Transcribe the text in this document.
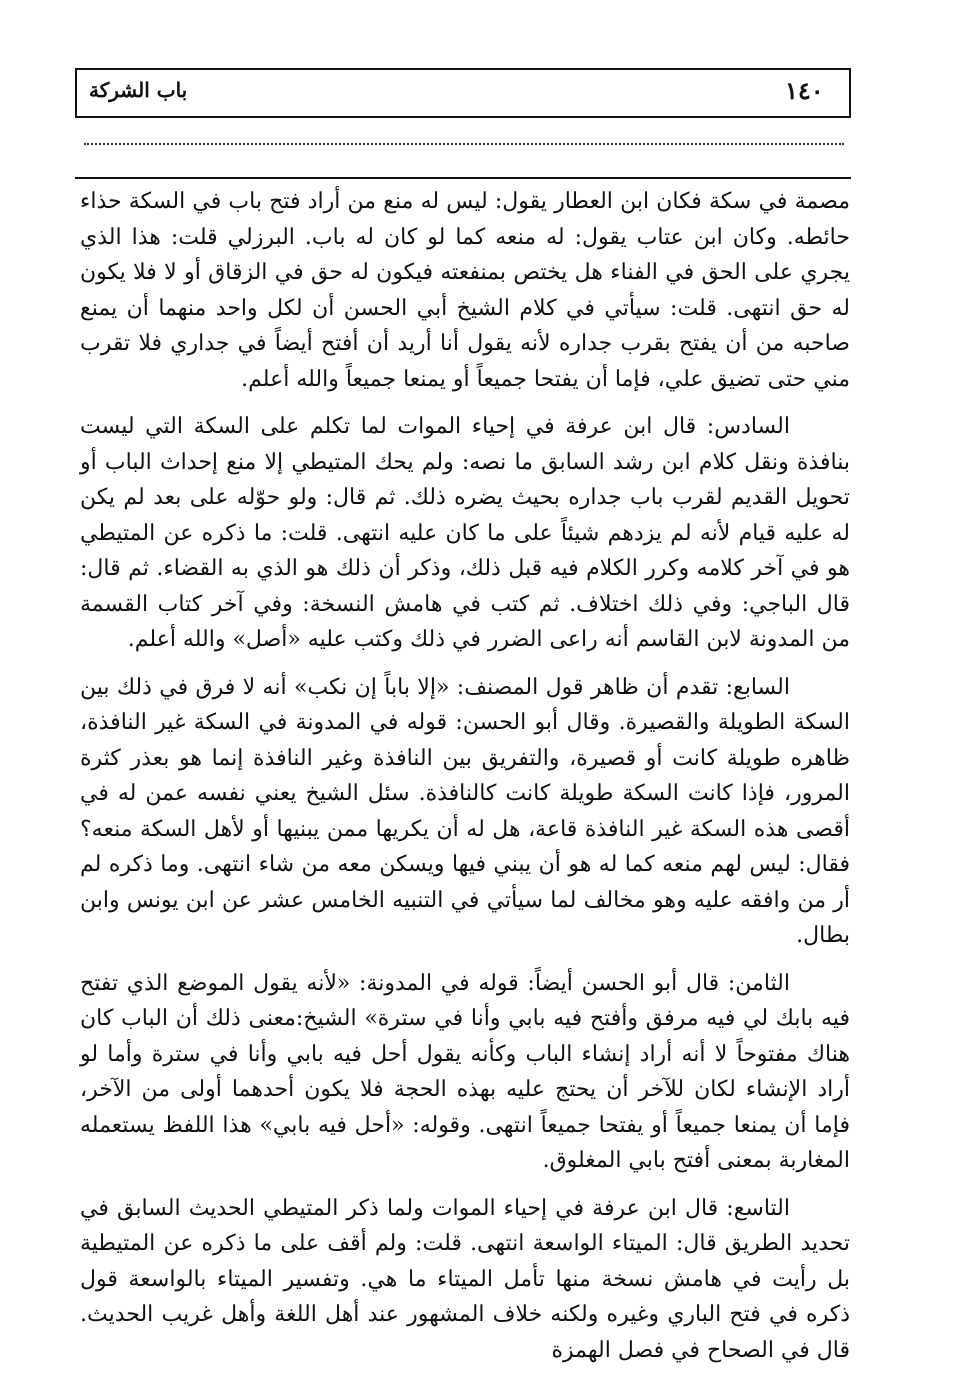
١٤٠
باب الشركة

مصمة في سكة فكان ابن العطار يقول: ليس له منع من أراد فتح باب في السكة حذاء حائطه. وكان ابن عتاب يقول: له منعه كما لو كان له باب. البرزلي قلت: هذا الذي يجري على الحق في الفناء هل يختص بمنفعته فيكون له حق في الزقاق أو لا فلا يكون له حق انتهى. قلت: سيأتي في كلام الشيخ أبي الحسن أن لكل واحد منهما أن يمنع صاحبه من أن يفتح بقرب جداره لأنه يقول أنا أريد أن أفتح أيضاً في جداري فلا تقرب مني حتى تضيق علي، فإما أن يفتحا جميعاً أو يمنعا جميعاً والله أعلم.

السادس: قال ابن عرفة في إحياء الموات لما تكلم على السكة التي ليست بنافذة ونقل كلام ابن رشد السابق ما نصه: ولم يحك المتيطي إلا منع إحداث الباب أو تحويل القديم لقرب باب جداره بحيث يضره ذلك. ثم قال: ولو حوّله على بعد لم يكن له عليه قيام لأنه لم يزدهم شيئاً على ما كان عليه انتهى. قلت: ما ذكره عن المتيطي هو في آخر كلامه وكرر الكلام فيه قبل ذلك، وذكر أن ذلك هو الذي به القضاء. ثم قال: قال الباجي: وفي ذلك اختلاف. ثم كتب في هامش النسخة: وفي آخر كتاب القسمة من المدونة لابن القاسم أنه راعى الضرر في ذلك وكتب عليه «أصل» والله أعلم.

السابع: تقدم أن ظاهر قول المصنف: «إلا باباً إن نكب» أنه لا فرق في ذلك بين السكة الطويلة والقصيرة. وقال أبو الحسن: قوله في المدونة في السكة غير النافذة، ظاهره طويلة كانت أو قصيرة، والتفريق بين النافذة وغير النافذة إنما هو بعذر كثرة المرور، فإذا كانت السكة طويلة كانت كالنافذة. سئل الشيخ يعني نفسه عمن له في أقصى هذه السكة غير النافذة قاعة، هل له أن يكريها ممن يبنيها أو لأهل السكة منعه؟ فقال: ليس لهم منعه كما له هو أن يبني فيها ويسكن معه من شاء انتهى. وما ذكره لم أر من وافقه عليه وهو مخالف لما سيأتي في التنبيه الخامس عشر عن ابن يونس وابن بطال.

الثامن: قال أبو الحسن أيضاً: قوله في المدونة: «لأنه يقول الموضع الذي تفتح فيه بابك لي فيه مرفق وأفتح فيه بابي وأنا في سترة» الشيخ:معنى ذلك أن الباب كان هناك مفتوحاً لا أنه أراد إنشاء الباب وكأنه يقول أحل فيه بابي وأنا في سترة وأما لو أراد الإنشاء لكان للآخر أن يحتج عليه بهذه الحجة فلا يكون أحدهما أولى من الآخر، فإما أن يمنعا جميعاً أو يفتحا جميعاً انتهى. وقوله: «أحل فيه بابي» هذا اللفظ يستعمله المغاربة بمعنى أفتح بابي المغلوق.

التاسع: قال ابن عرفة في إحياء الموات ولما ذكر المتيطي الحديث السابق في تحديد الطريق قال: الميتاء الواسعة انتهى. قلت: ولم أقف على ما ذكره عن المتيطية بل رأيت في هامش نسخة منها تأمل الميتاء ما هي. وتفسير الميتاء بالواسعة قول ذكره في فتح الباري وغيره ولكنه خلاف المشهور عند أهل اللغة وأهل غريب الحديث. قال في الصحاح في فصل الهمزة
